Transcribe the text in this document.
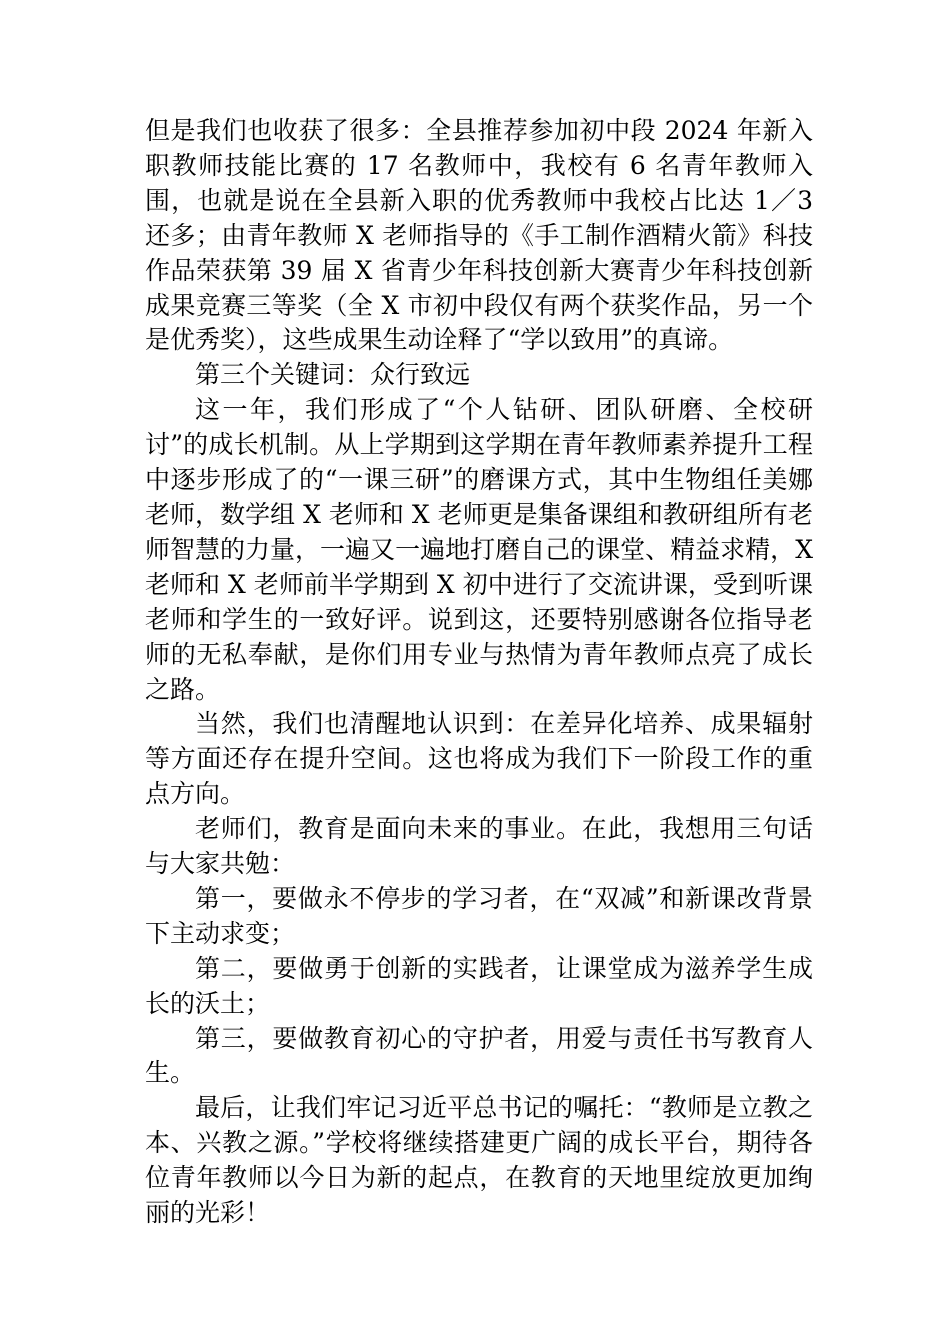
但是我们也收获了很多：全县推荐参加初中段 2024 年新入职教师技能比赛的 17 名教师中，我校有 6 名青年教师入围，也就是说在全县新入职的优秀教师中我校占比达 1／3 还多；由青年教师 X 老师指导的《手工制作酒精火箭》科技作品荣获第 39 届 X 省青少年科技创新大赛青少年科技创新成果竞赛三等奖（全 X 市初中段仅有两个获奖作品，另一个是优秀奖），这些成果生动诠释了“学以致用”的真谛。

第三个关键词：众行致远

这一年，我们形成了“个人钻研、团队研磨、全校研讨”的成长机制。从上学期到这学期在青年教师素养提升工程中逐步形成了的“一课三研”的磨课方式，其中生物组任美娜老师，数学组 X 老师和 X 老师更是集备课组和教研组所有老师智慧的力量，一遍又一遍地打磨自己的课堂、精益求精，X 老师和 X 老师前半学期到 X 初中进行了交流讲课，受到听课老师和学生的一致好评。说到这，还要特别感谢各位指导老师的无私奉献，是你们用专业与热情为青年教师点亮了成长之路。

当然，我们也清醒地认识到：在差异化培养、成果辐射等方面还存在提升空间。这也将成为我们下一阶段工作的重点方向。

老师们，教育是面向未来的事业。在此，我想用三句话与大家共勉：

第一，要做永不停步的学习者，在“双减”和新课改背景下主动求变；

第二，要做勇于创新的实践者，让课堂成为滋养学生成长的沃土；

第三，要做教育初心的守护者，用爱与责任书写教育人生。

最后，让我们牢记习近平总书记的嘱托：“教师是立教之本、兴教之源。”学校将继续搭建更广阔的成长平台，期待各位青年教师以今日为新的起点，在教育的天地里绽放更加绚丽的光彩！
